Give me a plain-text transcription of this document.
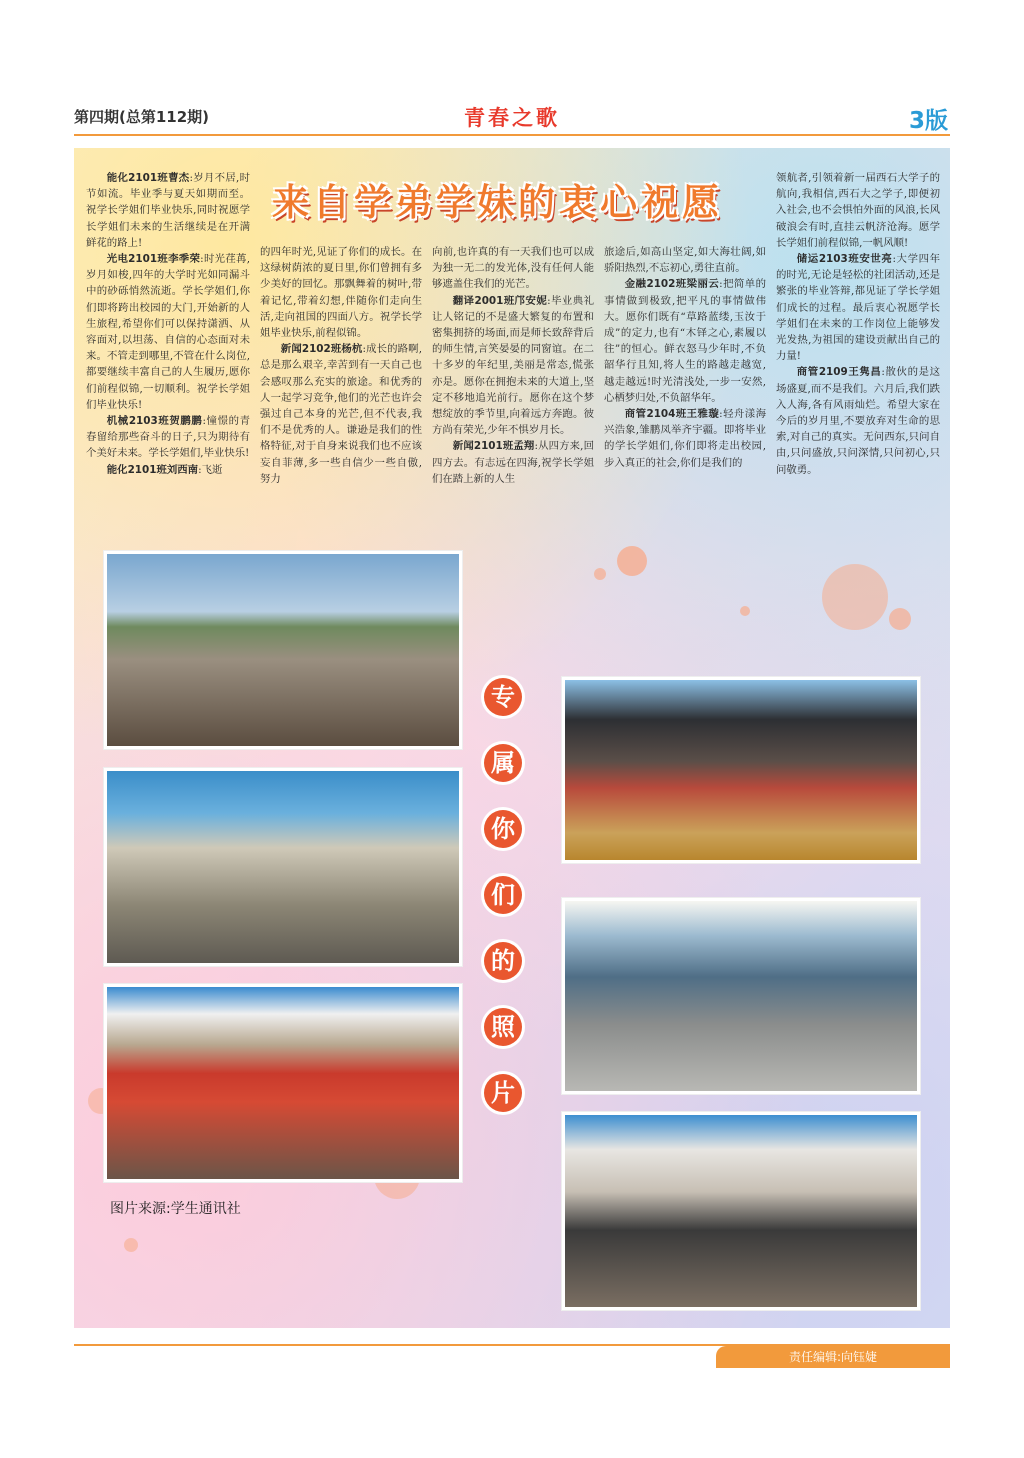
第四期(总第112期)	青春之歌	3版
来自学弟学妹的衷心祝愿

能化2101班曹杰:岁月不居,时节如流。毕业季与夏天如期而至。祝学长学姐们毕业快乐,同时祝愿学长学姐们未来的生活继续是在开满鲜花的路上!

光电2101班李季荣:时光荏苒,岁月如梭,四年的大学时光如同漏斗中的砂砾悄然流逝。学长学姐们,你们即将跨出校园的大门,开始新的人生旅程,希望你们可以保持潇洒、从容面对,以坦荡、自信的心态面对未来。不管走到哪里,不管在什么岗位,都要继续丰富自己的人生履历,愿你们前程似锦,一切顺利。祝学长学姐们毕业快乐!

机械2103班贺鹏鹏:憧憬的青春留给那些奋斗的日子,只为期待有个美好未来。学长学姐们,毕业快乐!

能化2101班刘西南:飞逝

的四年时光,见证了你们的成长。在这绿树荫浓的夏日里,你们曾拥有多少美好的回忆。那飘舞着的树叶,带着记忆,带着幻想,伴随你们走向生活,走向祖国的四面八方。祝学长学姐毕业快乐,前程似锦。

新闻2102班杨杭:成长的路啊,总是那么艰辛,幸苦到有一天自己也会感叹那么充实的旅途。和优秀的人一起学习竞争,他们的光芒也许会强过自己本身的光芒,但不代表,我们不是优秀的人。谦逊是我们的性格特征,对于自身来说我们也不应该妄自菲薄,多一些自信少一些自傲,努力

向前,也许真的有一天我们也可以成为独一无二的发光体,没有任何人能够遮盖住我们的光芒。

翻译2001班邝安妮:毕业典礼让人铭记的不是盛大繁复的布置和密集拥挤的场面,而是师长致辞背后的师生情,言笑晏晏的同窗谊。在二十多岁的年纪里,美丽是常态,慌张亦是。愿你在拥抱未来的大道上,坚定不移地追光前行。愿你在这个梦想绽放的季节里,向着远方奔跑。彼方尚有荣光,少年不惧岁月长。

新闻2101班孟翔:从四方来,回四方去。有志远在四海,祝学长学姐们在踏上新的人生

旅途后,如高山坚定,如大海壮阔,如骄阳热烈,不忘初心,勇往直前。

金融2102班梁丽云:把简单的事情做到极致,把平凡的事情做伟大。愿你们既有“草路蓝缕,玉汝于成”的定力,也有“木铎之心,素履以往”的恒心。鲜衣怒马少年时,不负韶华行且知,将人生的路越走越宽,越走越远!时光清浅处,一步一安然,心栖梦归处,不负韶华年。

商管2104班王雅璇:轻舟漾海兴浩象,雏鹏凤举齐宇疆。即将毕业的学长学姐们,你们即将走出校园,步入真正的社会,你们是我们的

领航者,引领着新一届西石大学子的航向,我相信,西石大之学子,即便初入社会,也不会惧怕外面的风浪,长风破浪会有时,直挂云帆济沧海。愿学长学姐们前程似锦,一帆风顺!

储运2103班安世亮:大学四年的时光,无论是轻松的社团活动,还是繁张的毕业答辩,都见证了学长学姐们成长的过程。最后衷心祝愿学长学姐们在未来的工作岗位上能够发光发热,为祖国的建设贡献出自己的力量!

商管2109王隽昌:散伙的是这场盛夏,而不是我们。六月后,我们跌入人海,各有风雨灿烂。希望大家在今后的岁月里,不要放弃对生命的思索,对自己的真实。无问西东,只问自由,只问盛放,只问深情,只问初心,只问敬勇。

专
属
你
们
的
照
片
图片来源:学生通讯社
责任编辑:向钰婕
